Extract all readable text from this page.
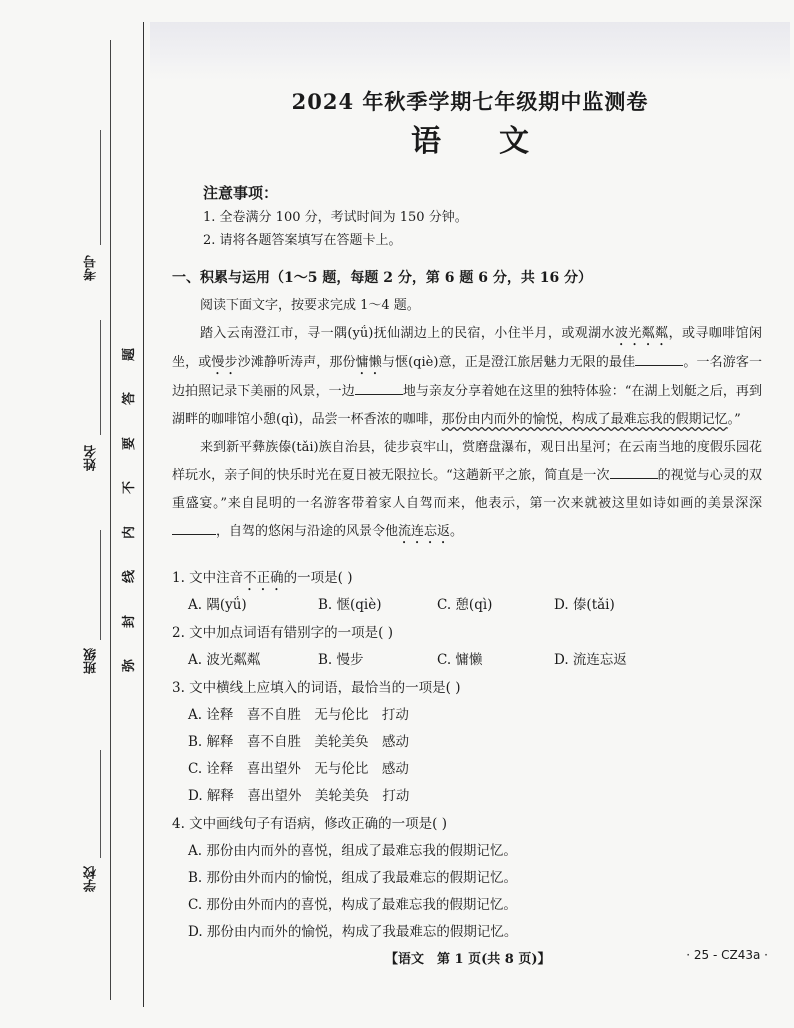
考号
姓名
班级
学校
题
答
要
不
内
线
封
弥
2024 年秋季学期七年级期中监测卷
语文
注意事项：
1. 全卷满分 100 分，考试时间为 150 分钟。
2. 请将各题答案填写在答题卡上。

一、积累与运用（1～5 题，每题 2 分，第 6 题 6 分，共 16 分）

阅读下面文字，按要求完成 1～4 题。

踏入云南澄江市，寻一隅(yǘ)抚仙湖边上的民宿，小住半月，或观湖水波光粼粼，或寻咖啡馆闲坐，或慢步沙滩静听涛声，那份慵懒与惬(qiè)意，正是澄江旅居魅力无限的最佳	。一名游客一边拍照记录下美丽的风景，一边	地与亲友分享着她在这里的独特体验：“在湖上划艇之后，再到湖畔的咖啡馆小憩(qì)，品尝一杯香浓的咖啡，那份由内而外的愉悦，构成了最难忘我的假期记忆。”

来到新平彝族傣(tǎi)族自治县，徒步哀牢山，赏磨盘瀑布，观日出星河；在云南当地的度假乐园花样玩水，亲子间的快乐时光在夏日被无限拉长。“这趟新平之旅，简直是一次	的视觉与心灵的双重盛宴。”来自昆明的一名游客带着家人自驾而来，他表示，第一次来就被这里如诗如画的美景深深，自驾的悠闲与沿途的风景令他流连忘返。

1. 文中注音不正确的一项是( )
A. 隅(yǘ)	B. 惬(qiè)	C. 憩(qì)	D. 傣(tǎi)
2. 文中加点词语有错别字的一项是( )
A. 波光粼粼	B. 慢步	C. 慵懒	D. 流连忘返
3. 文中横线上应填入的词语，最恰当的一项是( )
A. 诠释　喜不自胜　无与伦比　打动
B. 解释　喜不自胜　美轮美奂　感动
C. 诠释　喜出望外　无与伦比　感动
D. 解释　喜出望外　美轮美奂　打动
4. 文中画线句子有语病，修改正确的一项是( )
A. 那份由内而外的喜悦，组成了最难忘我的假期记忆。
B. 那份由外而内的愉悦，组成了我最难忘的假期记忆。
C. 那份由外而内的喜悦，构成了最难忘我的假期记忆。
D. 那份由内而外的愉悦，构成了我最难忘的假期记忆。
【语文　第 1 页(共 8 页)】	· 25 - CZ43a ·
